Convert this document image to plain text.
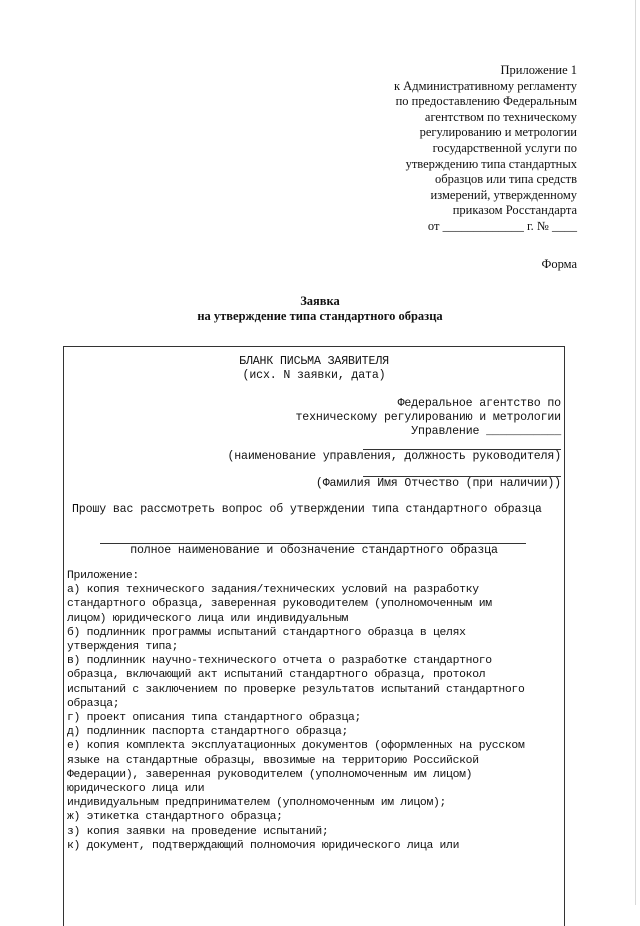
Приложение 1
к Административному регламенту
по предоставлению Федеральным
агентством по техническому
регулированию и метрологии
государственной услуги по
утверждению типа стандартных
образцов или типа средств
измерений, утвержденному
приказом Росстандарта
от _____________ г. № ____
Форма
Заявка
на утверждение типа стандартного образца
БЛАНК ПИСЬМА ЗАЯВИТЕЛЯ
(исх. N заявки, дата)
Федеральное агентство по
техническому регулированию и метрологии
Управление ___________
(наименование управления, должность руководителя)
(Фамилия Имя Отчество (при наличии))
Прошу вас рассмотреть вопрос об утверждении типа стандартного образца
полное наименование и обозначение стандартного образца
Приложение:
а) копия технического задания/технических условий на разработку
стандартного образца, заверенная руководителем (уполномоченным им
лицом) юридического лица или индивидуальным
б) подлинник программы испытаний стандартного образца в целях
утверждения типа;
в) подлинник научно-технического отчета о разработке стандартного
образца, включающий акт испытаний стандартного образца, протокол
испытаний с заключением по проверке результатов испытаний стандартного
образца;
г) проект описания типа стандартного образца;
д) подлинник паспорта стандартного образца;
е) копия комплекта эксплуатационных документов (оформленных на русском
языке на стандартные образцы, ввозимые на территорию Российской
Федерации), заверенная руководителем (уполномоченным им лицом)
юридического лица или
индивидуальным предпринимателем (уполномоченным им лицом);
ж) этикетка стандартного образца;
з) копия заявки на проведение испытаний;
к) документ, подтверждающий полномочия юридического лица или
